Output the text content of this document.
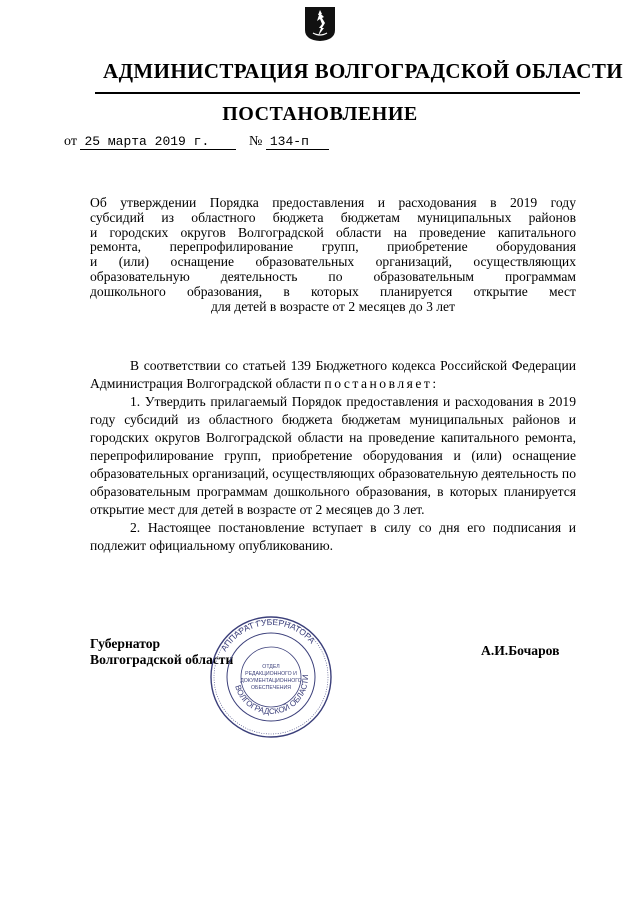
АДМИНИСТРАЦИЯ ВОЛГОГРАДСКОЙ ОБЛАСТИ
ПОСТАНОВЛЕНИЕ
от 25 марта 2019 г.	№ 134-п
Об утверждении Порядка предоставления и расходования в 2019 году
субсидий из областного бюджета бюджетам муниципальных районов
и городских округов Волгоградской области на проведение капитального
ремонта, перепрофилирование групп, приобретение оборудования
и (или) оснащение образовательных организаций, осуществляющих
образовательную деятельность по образовательным программам
дошкольного образования, в которых планируется открытие мест
для детей в возрасте от 2 месяцев до 3 лет

В соответствии со статьей 139 Бюджетного кодекса Российской Федерации Администрация Волгоградской области постановляет:

1. Утвердить прилагаемый Порядок предоставления и расходования в 2019 году субсидий из областного бюджета бюджетам муниципальных районов и городских округов Волгоградской области на проведение капитального ремонта, перепрофилирование групп, приобретение оборудования и (или) оснащение образовательных организаций, осуществляющих образовательную деятельность по образовательным программам дошкольного образования, в которых планируется открытие мест для детей в возрасте от 2 месяцев до 3 лет.

2. Настоящее постановление вступает в силу со дня его подписания и подлежит официальному опубликованию.

Губернатор
Волгоградской области
А.И.Бочаров
АППАРАТ ГУБЕРНАТОРА
ВОЛГОГРАДСКОЙ ОБЛАСТИ
ОТДЕЛ
РЕДАКЦИОННОГО И
ДОКУМЕНТАЦИОННОГО
ОБЕСПЕЧЕНИЯ
